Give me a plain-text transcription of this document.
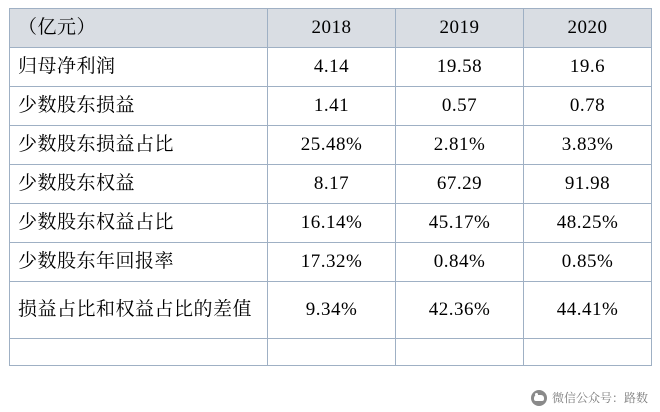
（亿元）	2018	2019	2020
归母净利润	4.14	19.58	19.6
少数股东损益	1.41	0.57	0.78
少数股东损益占比	25.48%	2.81%	3.83%
少数股东权益	8.17	67.29	91.98
少数股东权益占比	16.14%	45.17%	48.25%
少数股东年回报率	17.32%	0.84%	0.85%
损益占比和权益占比的差值	9.34%	42.36%	44.41%

微信公众号：路数
